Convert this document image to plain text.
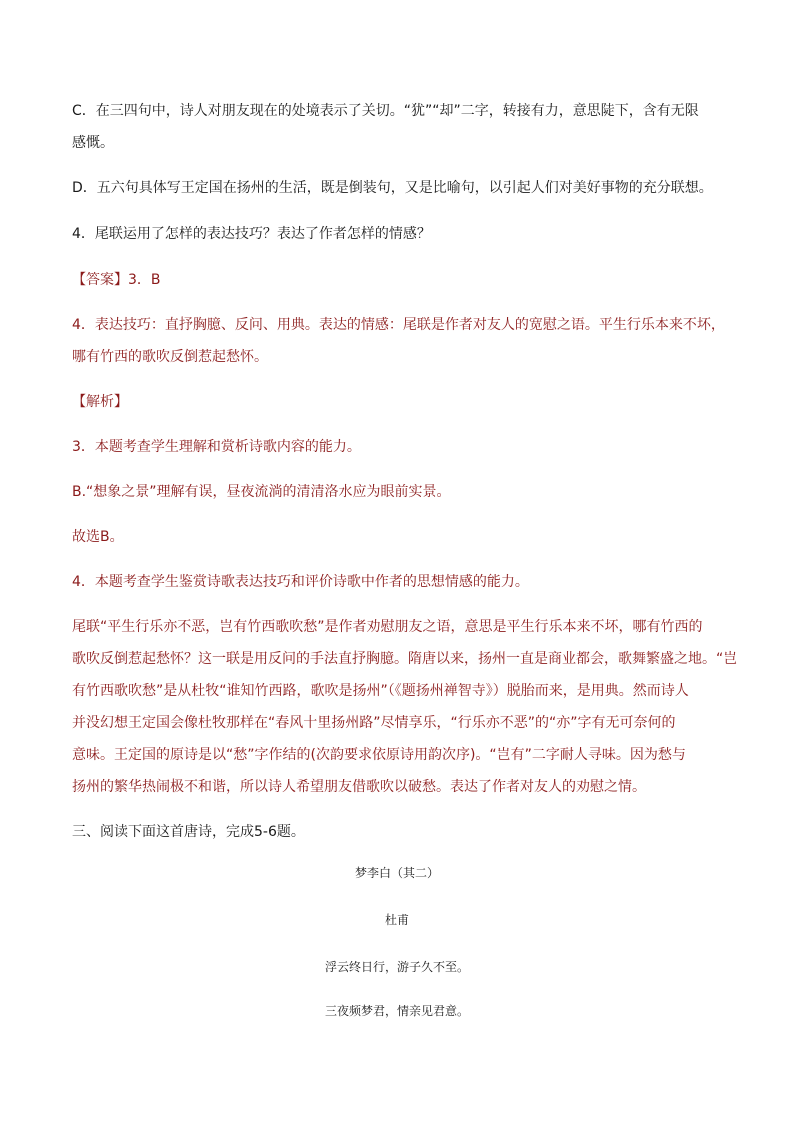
C．在三四句中，诗人对朋友现在的处境表示了关切。“犹”“却”二字，转接有力，意思陡下，含有无限
感慨。
D．五六句具体写王定国在扬州的生活，既是倒装句，又是比喻句，以引起人们对美好事物的充分联想。
4．尾联运用了怎样的表达技巧？表达了作者怎样的情感？
【答案】3．B
4．表达技巧：直抒胸臆、反问、用典。表达的情感：尾联是作者对友人的宽慰之语。平生行乐本来不坏，
哪有竹西的歌吹反倒惹起愁怀。
【解析】
3．本题考查学生理解和赏析诗歌内容的能力。
B.“想象之景”理解有误，昼夜流淌的清清洛水应为眼前实景。
故选B。
4．本题考查学生鉴赏诗歌表达技巧和评价诗歌中作者的思想情感的能力。
尾联“平生行乐亦不恶，岂有竹西歌吹愁”是作者劝慰朋友之语，意思是平生行乐本来不坏，哪有竹西的
歌吹反倒惹起愁怀？这一联是用反问的手法直抒胸臆。隋唐以来，扬州一直是商业都会，歌舞繁盛之地。“岂
有竹西歌吹愁”是从杜牧“谁知竹西路，歌吹是扬州”（《题扬州禅智寺》）脱胎而来，是用典。然而诗人
并没幻想王定国会像杜牧那样在“春风十里扬州路”尽情享乐，“行乐亦不恶”的“亦”字有无可奈何的
意味。王定国的原诗是以“愁”字作结的(次韵要求依原诗用韵次序)。“岂有”二字耐人寻味。因为愁与
扬州的繁华热闹极不和谐，所以诗人希望朋友借歌吹以破愁。表达了作者对友人的劝慰之情。
三、阅读下面这首唐诗，完成5-6题。
梦李白（其二）
杜甫
浮云终日行，游子久不至。
三夜频梦君，情亲见君意。
